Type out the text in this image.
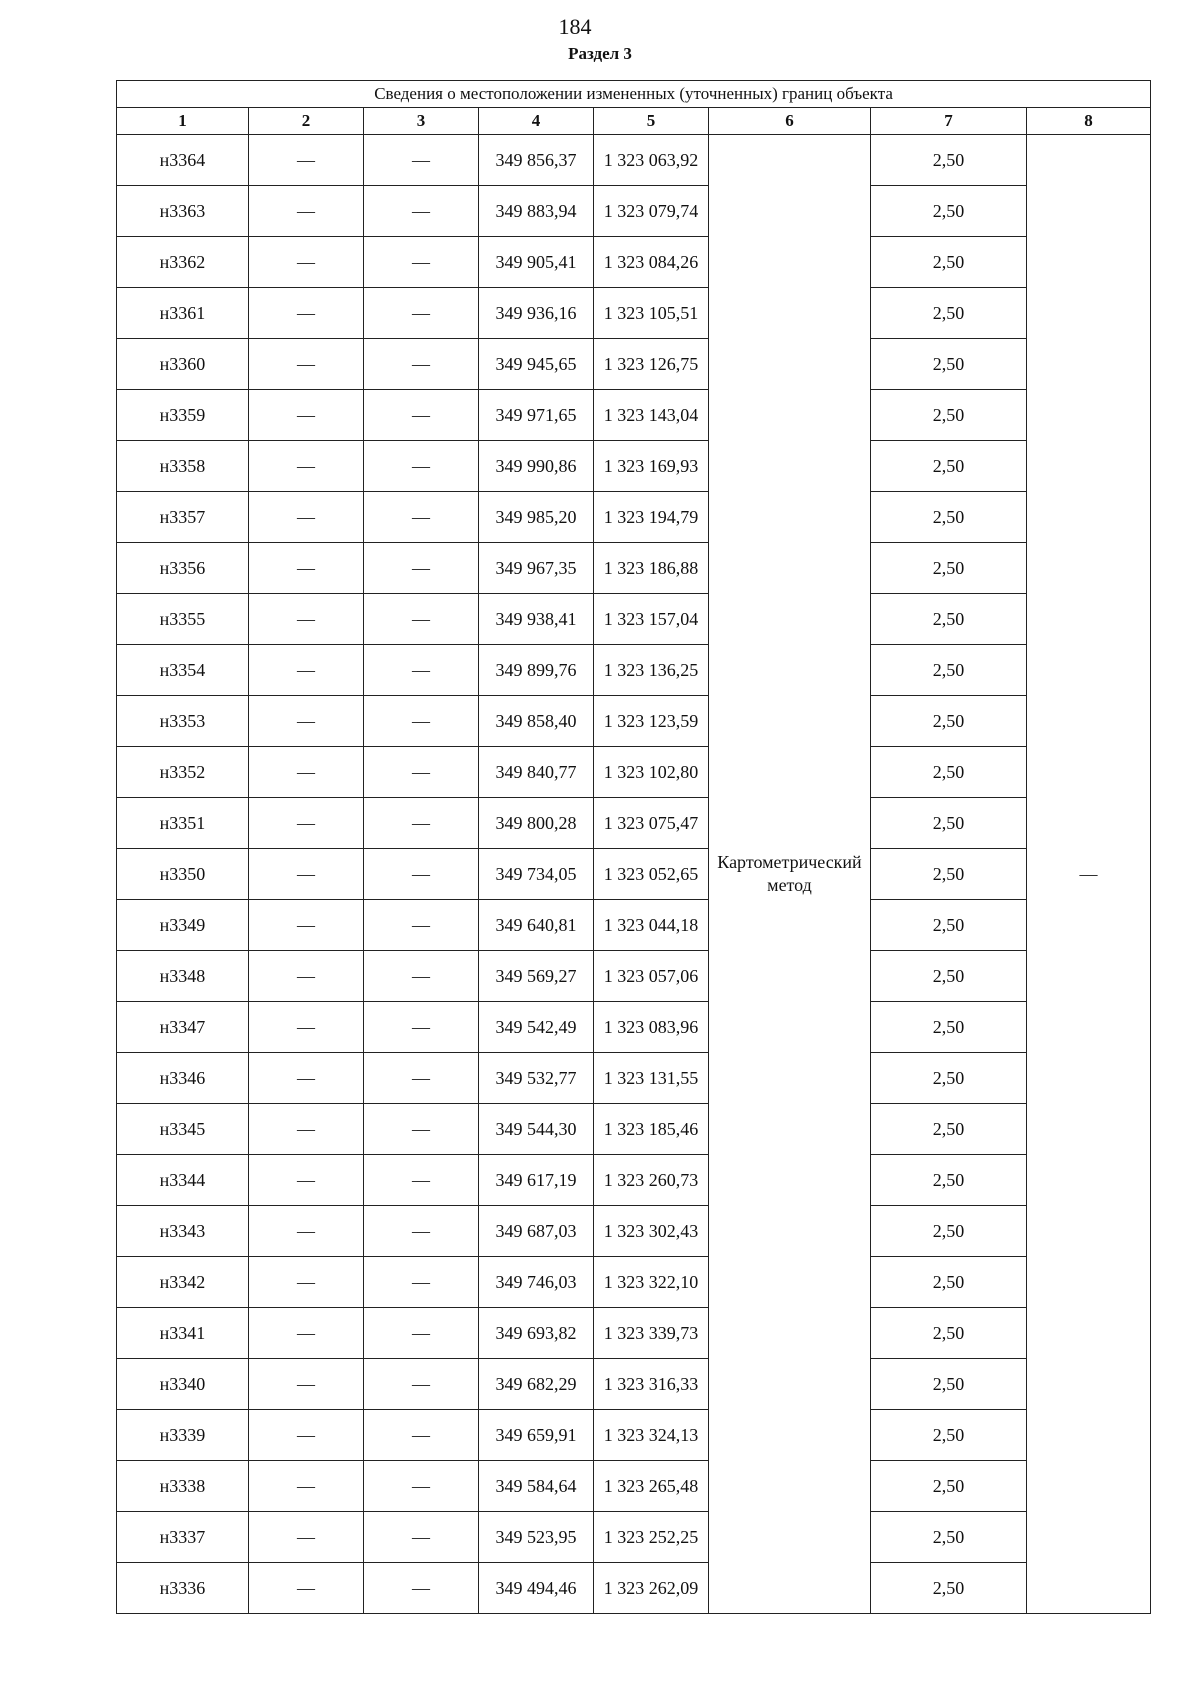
184
Раздел 3
Сведения о местоположении измененных (уточненных) границ объекта							
1	2	3	4	5	6	7	8
н3364	—	—	349 856,37	1 323 063,92	Картометрический метод	2,50	—
н3363	—	—	349 883,94	1 323 079,74		2,50	
н3362	—	—	349 905,41	1 323 084,26		2,50	
н3361	—	—	349 936,16	1 323 105,51		2,50	
н3360	—	—	349 945,65	1 323 126,75		2,50	
н3359	—	—	349 971,65	1 323 143,04		2,50	
н3358	—	—	349 990,86	1 323 169,93		2,50	
н3357	—	—	349 985,20	1 323 194,79		2,50	
н3356	—	—	349 967,35	1 323 186,88		2,50	
н3355	—	—	349 938,41	1 323 157,04		2,50	
н3354	—	—	349 899,76	1 323 136,25		2,50	
н3353	—	—	349 858,40	1 323 123,59		2,50	
н3352	—	—	349 840,77	1 323 102,80		2,50	
н3351	—	—	349 800,28	1 323 075,47		2,50	
н3350	—	—	349 734,05	1 323 052,65		2,50	
н3349	—	—	349 640,81	1 323 044,18		2,50	
н3348	—	—	349 569,27	1 323 057,06		2,50	
н3347	—	—	349 542,49	1 323 083,96		2,50	
н3346	—	—	349 532,77	1 323 131,55		2,50	
н3345	—	—	349 544,30	1 323 185,46		2,50	
н3344	—	—	349 617,19	1 323 260,73		2,50	
н3343	—	—	349 687,03	1 323 302,43		2,50	
н3342	—	—	349 746,03	1 323 322,10		2,50	
н3341	—	—	349 693,82	1 323 339,73		2,50	
н3340	—	—	349 682,29	1 323 316,33		2,50	
н3339	—	—	349 659,91	1 323 324,13		2,50	
н3338	—	—	349 584,64	1 323 265,48		2,50	
н3337	—	—	349 523,95	1 323 252,25		2,50	
н3336	—	—	349 494,46	1 323 262,09		2,50	
